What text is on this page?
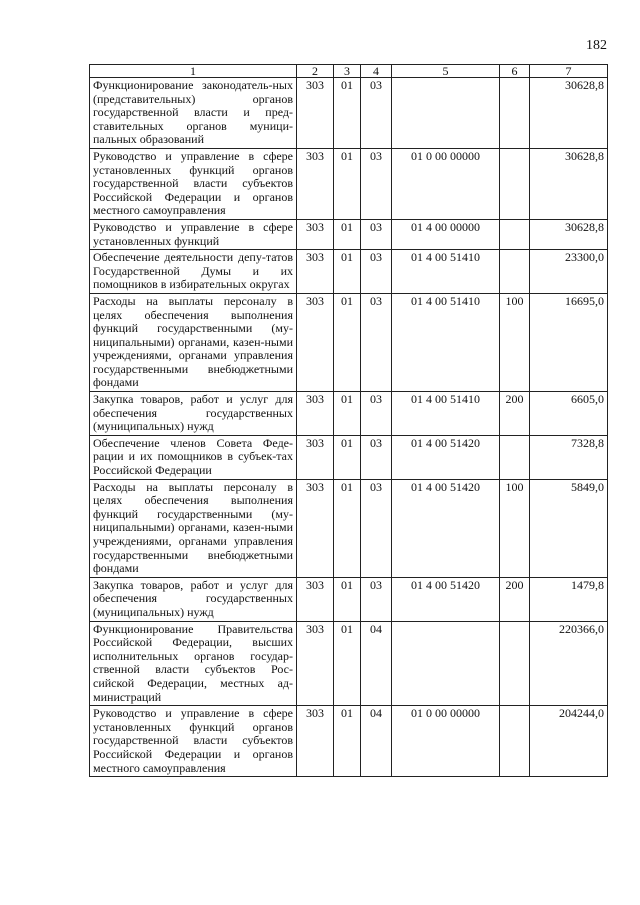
182
1	2	3	4	5	6	7
Функционирование законодатель-ных (представительных) органов государственной власти и пред-ставительных органов муници-пальных образований	303	01	03			30628,8
Руководство и управление в сфере установленных функций органов государственной власти субъектов Российской Федерации и органов местного самоуправления	303	01	03	01 0 00 00000		30628,8
Руководство и управление в сфере установленных функций	303	01	03	01 4 00 00000		30628,8
Обеспечение деятельности депу-татов Государственной Думы и их помощников в избирательных округах	303	01	03	01 4 00 51410		23300,0
Расходы на выплаты персоналу в целях обеспечения выполнения функций государственными (му-ниципальными) органами, казен-ными учреждениями, органами управления государственными внебюджетными фондами	303	01	03	01 4 00 51410	100	16695,0
Закупка товаров, работ и услуг для обеспечения государственных (муниципальных) нужд	303	01	03	01 4 00 51410	200	6605,0
Обеспечение членов Совета Феде-рации и их помощников в субъек-тах Российской Федерации	303	01	03	01 4 00 51420		7328,8
Расходы на выплаты персоналу в целях обеспечения выполнения функций государственными (му-ниципальными) органами, казен-ными учреждениями, органами управления государственными внебюджетными фондами	303	01	03	01 4 00 51420	100	5849,0
Закупка товаров, работ и услуг для обеспечения государственных (муниципальных) нужд	303	01	03	01 4 00 51420	200	1479,8
Функционирование Правительства Российской Федерации, высших исполнительных органов государ-ственной власти субъектов Рос-сийской Федерации, местных ад-министраций	303	01	04			220366,0
Руководство и управление в сфере установленных функций органов государственной власти субъектов Российской Федерации и органов местного самоуправления	303	01	04	01 0 00 00000		204244,0
